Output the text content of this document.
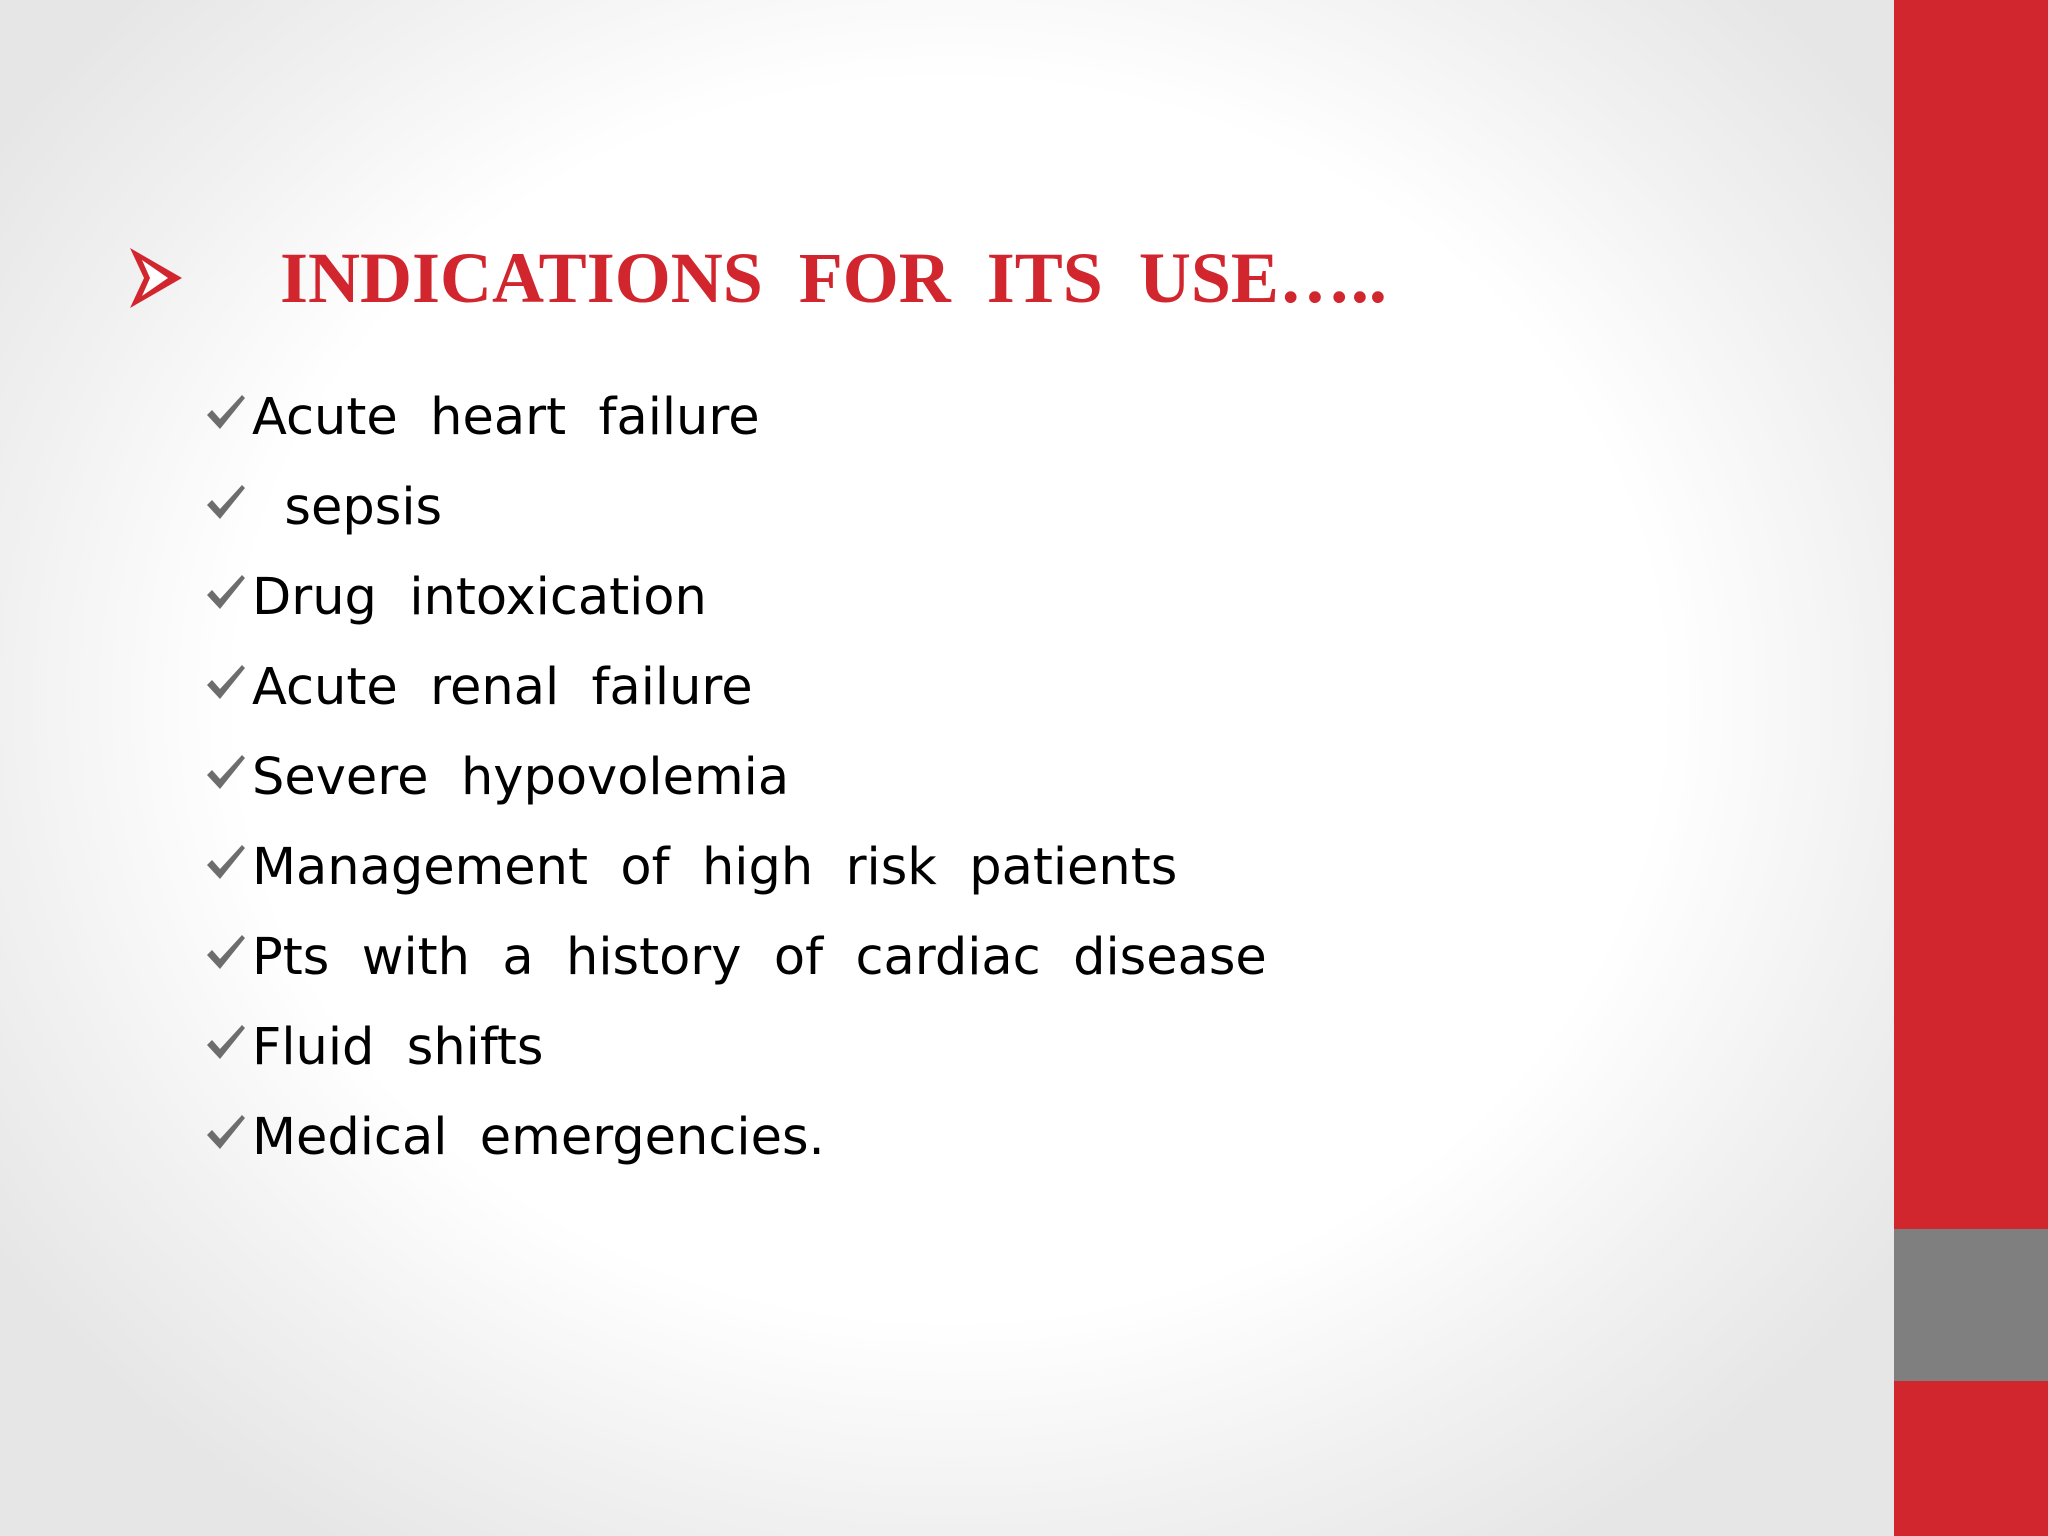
INDICATIONS  FOR  ITS  USE…..
Acute  heart  failure
sepsis
Drug  intoxication
Acute  renal  failure
Severe  hypovolemia
Management  of  high  risk  patients
Pts  with  a  history  of  cardiac  disease
Fluid  shifts
Medical  emergencies.
